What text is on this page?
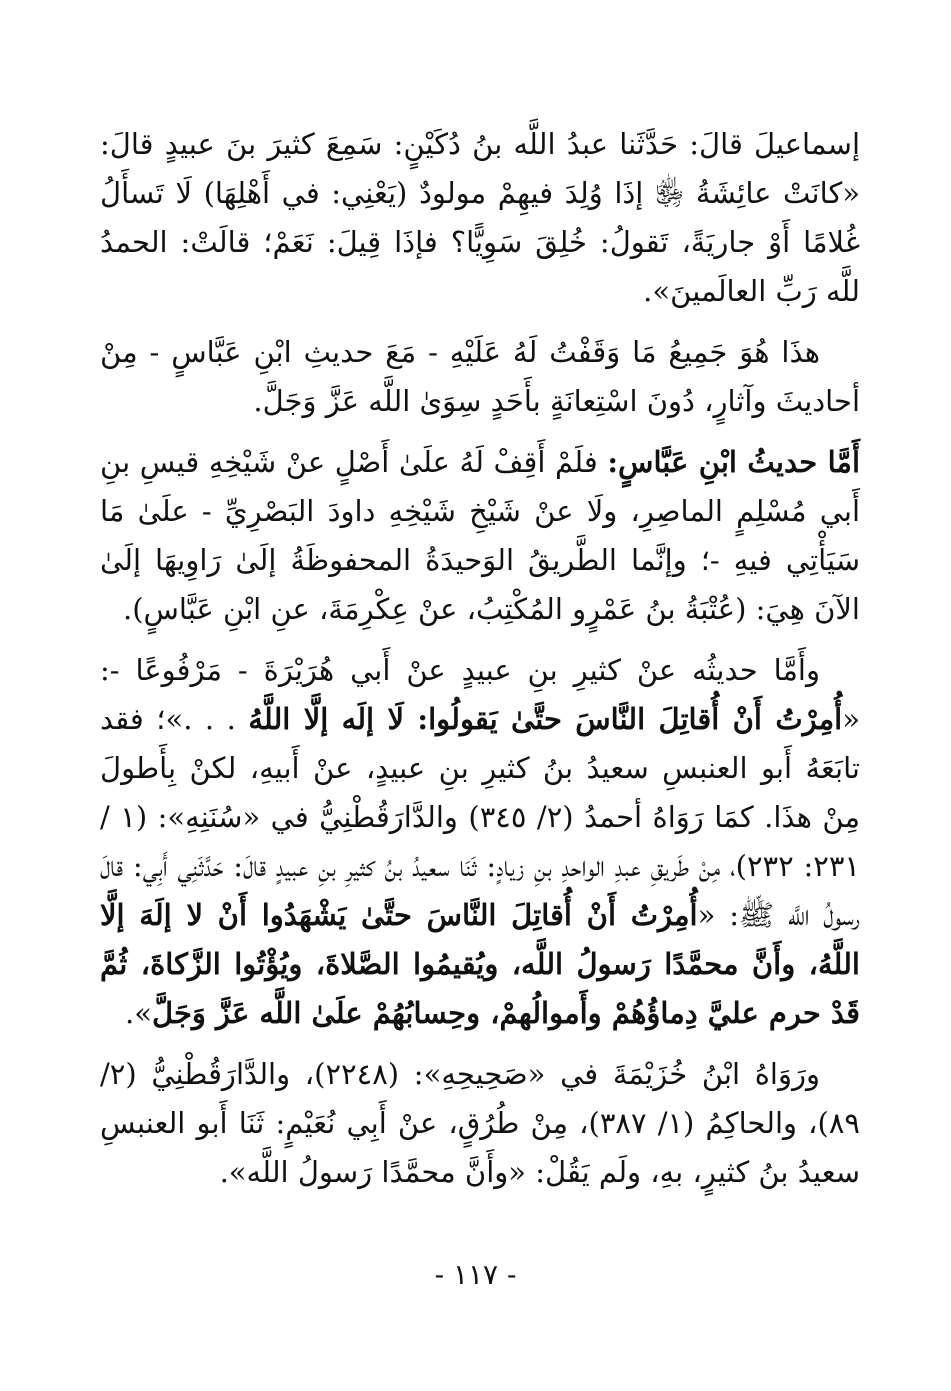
إسماعيلَ قالَ: حَدَّثَنا عبدُ اللَّه بنُ دُكَيْنٍ: سَمِعَ كثيرَ بنَ عبيدٍ قالَ: «كانَتْ عائِشَةُ ﵂ إذَا وُلِدَ فيهِمْ مولودٌ (يَعْنِي: في أَهْلِهَا) لَا تَسأَلُ غُلامًا أَوْ جاريَةً، تَقولُ: خُلِقَ سَوِيًّا؟ فإذَا قِيلَ: نَعَمْ؛ قالَتْ: الحمدُ للَّه رَبِّ العالَمينَ».

هذَا هُوَ جَمِيعُ مَا وَقَفْتُ لَهُ عَلَيْهِ - مَعَ حديثِ ابْنِ عَبَّاسٍ - مِنْ أحاديثَ وآثارٍ، دُونَ اسْتِعانَةٍ بأَحَدٍ سِوَىٰ اللَّه عَزَّ وَجَلَّ.

أَمَّا حديثُ ابْنِ عَبَّاسٍ: فلَمْ أَقِفْ لَهُ علَىٰ أَصْلٍ عنْ شَيْخِهِ قيسِ بنِ أَبي مُسْلِمٍ الماصِرِ، ولَا عنْ شَيْخِ شَيْخِهِ داودَ البَصْرِيِّ - علَىٰ مَا سَيَأْتِي فيهِ -؛ وإنَّما الطَّريقُ الوَحيدَةُ المحفوظَةُ إلَىٰ رَاوِيهَا إلَىٰ الآنَ هِيَ: (عُتْبَةُ بنُ عَمْرٍو المُكْتِبُ، عنْ عِكْرِمَةَ، عنِ ابْنِ عَبَّاسٍ).

وأَمَّا حديثُه عنْ كثيرِ بنِ عبيدٍ عنْ أَبي هُرَيْرَةَ - مَرْفُوعًا -: «أُمِرْتُ أَنْ أُقاتِلَ النَّاسَ حتَّىٰ يَقولُوا: لَا إلَه إلَّا اللَّهُ . . .»؛ فقد تابَعَهُ أَبو العنبسِ سعيدُ بنُ كثيرِ بنِ عبيدٍ، عنْ أَبيهِ، لكنْ بِأَطولَ مِنْ هذَا. كمَا رَوَاهُ أحمدُ (٢/ ٣٤٥) والدَّارَقُطْنِيُّ في «سُنَنِهِ»: (١ /٢٣١: ٢٣٢)، مِنْ طَريقِ عبدِ الواحدِ بنِ زيادٍ: ثَنَا سعيدُ بنُ كثيرِ بنِ عبيدٍ قالَ: حَدَّثَنِي أَبِي: قالَ رسولُ اللَّه ﷺ: «أُمِرْتُ أَنْ أُقاتِلَ النَّاسَ حتَّىٰ يَشْهَدُوا أَنْ لا إلَهَ إلَّا اللَّهُ، وأَنَّ محمَّدًا رَسولُ اللَّه، ويُقيمُوا الصَّلاةَ، ويُؤْتُوا الزَّكاةَ، ثُمَّ قَدْ حرم عليَّ دِماؤُهُمْ وأَموالُهمْ، وحِسابُهُمْ علَىٰ اللَّه عَزَّ وَجَلَّ».

ورَوَاهُ ابْنُ خُزَيْمَةَ في «صَحِيحِهِ»: (٢٢٤٨)، والدَّارَقُطْنِيُّ (٢/ ٨٩)، والحاكِمُ (١/ ٣٨٧)، مِنْ طُرُقٍ، عنْ أَبِي نُعَيْمٍ: ثَنَا أَبو العنبسِ سعيدُ بنُ كثيرٍ، بهِ، ولَم يَقُلْ: «وأَنَّ محمَّدًا رَسولُ اللَّه».

- ١١٧ -
